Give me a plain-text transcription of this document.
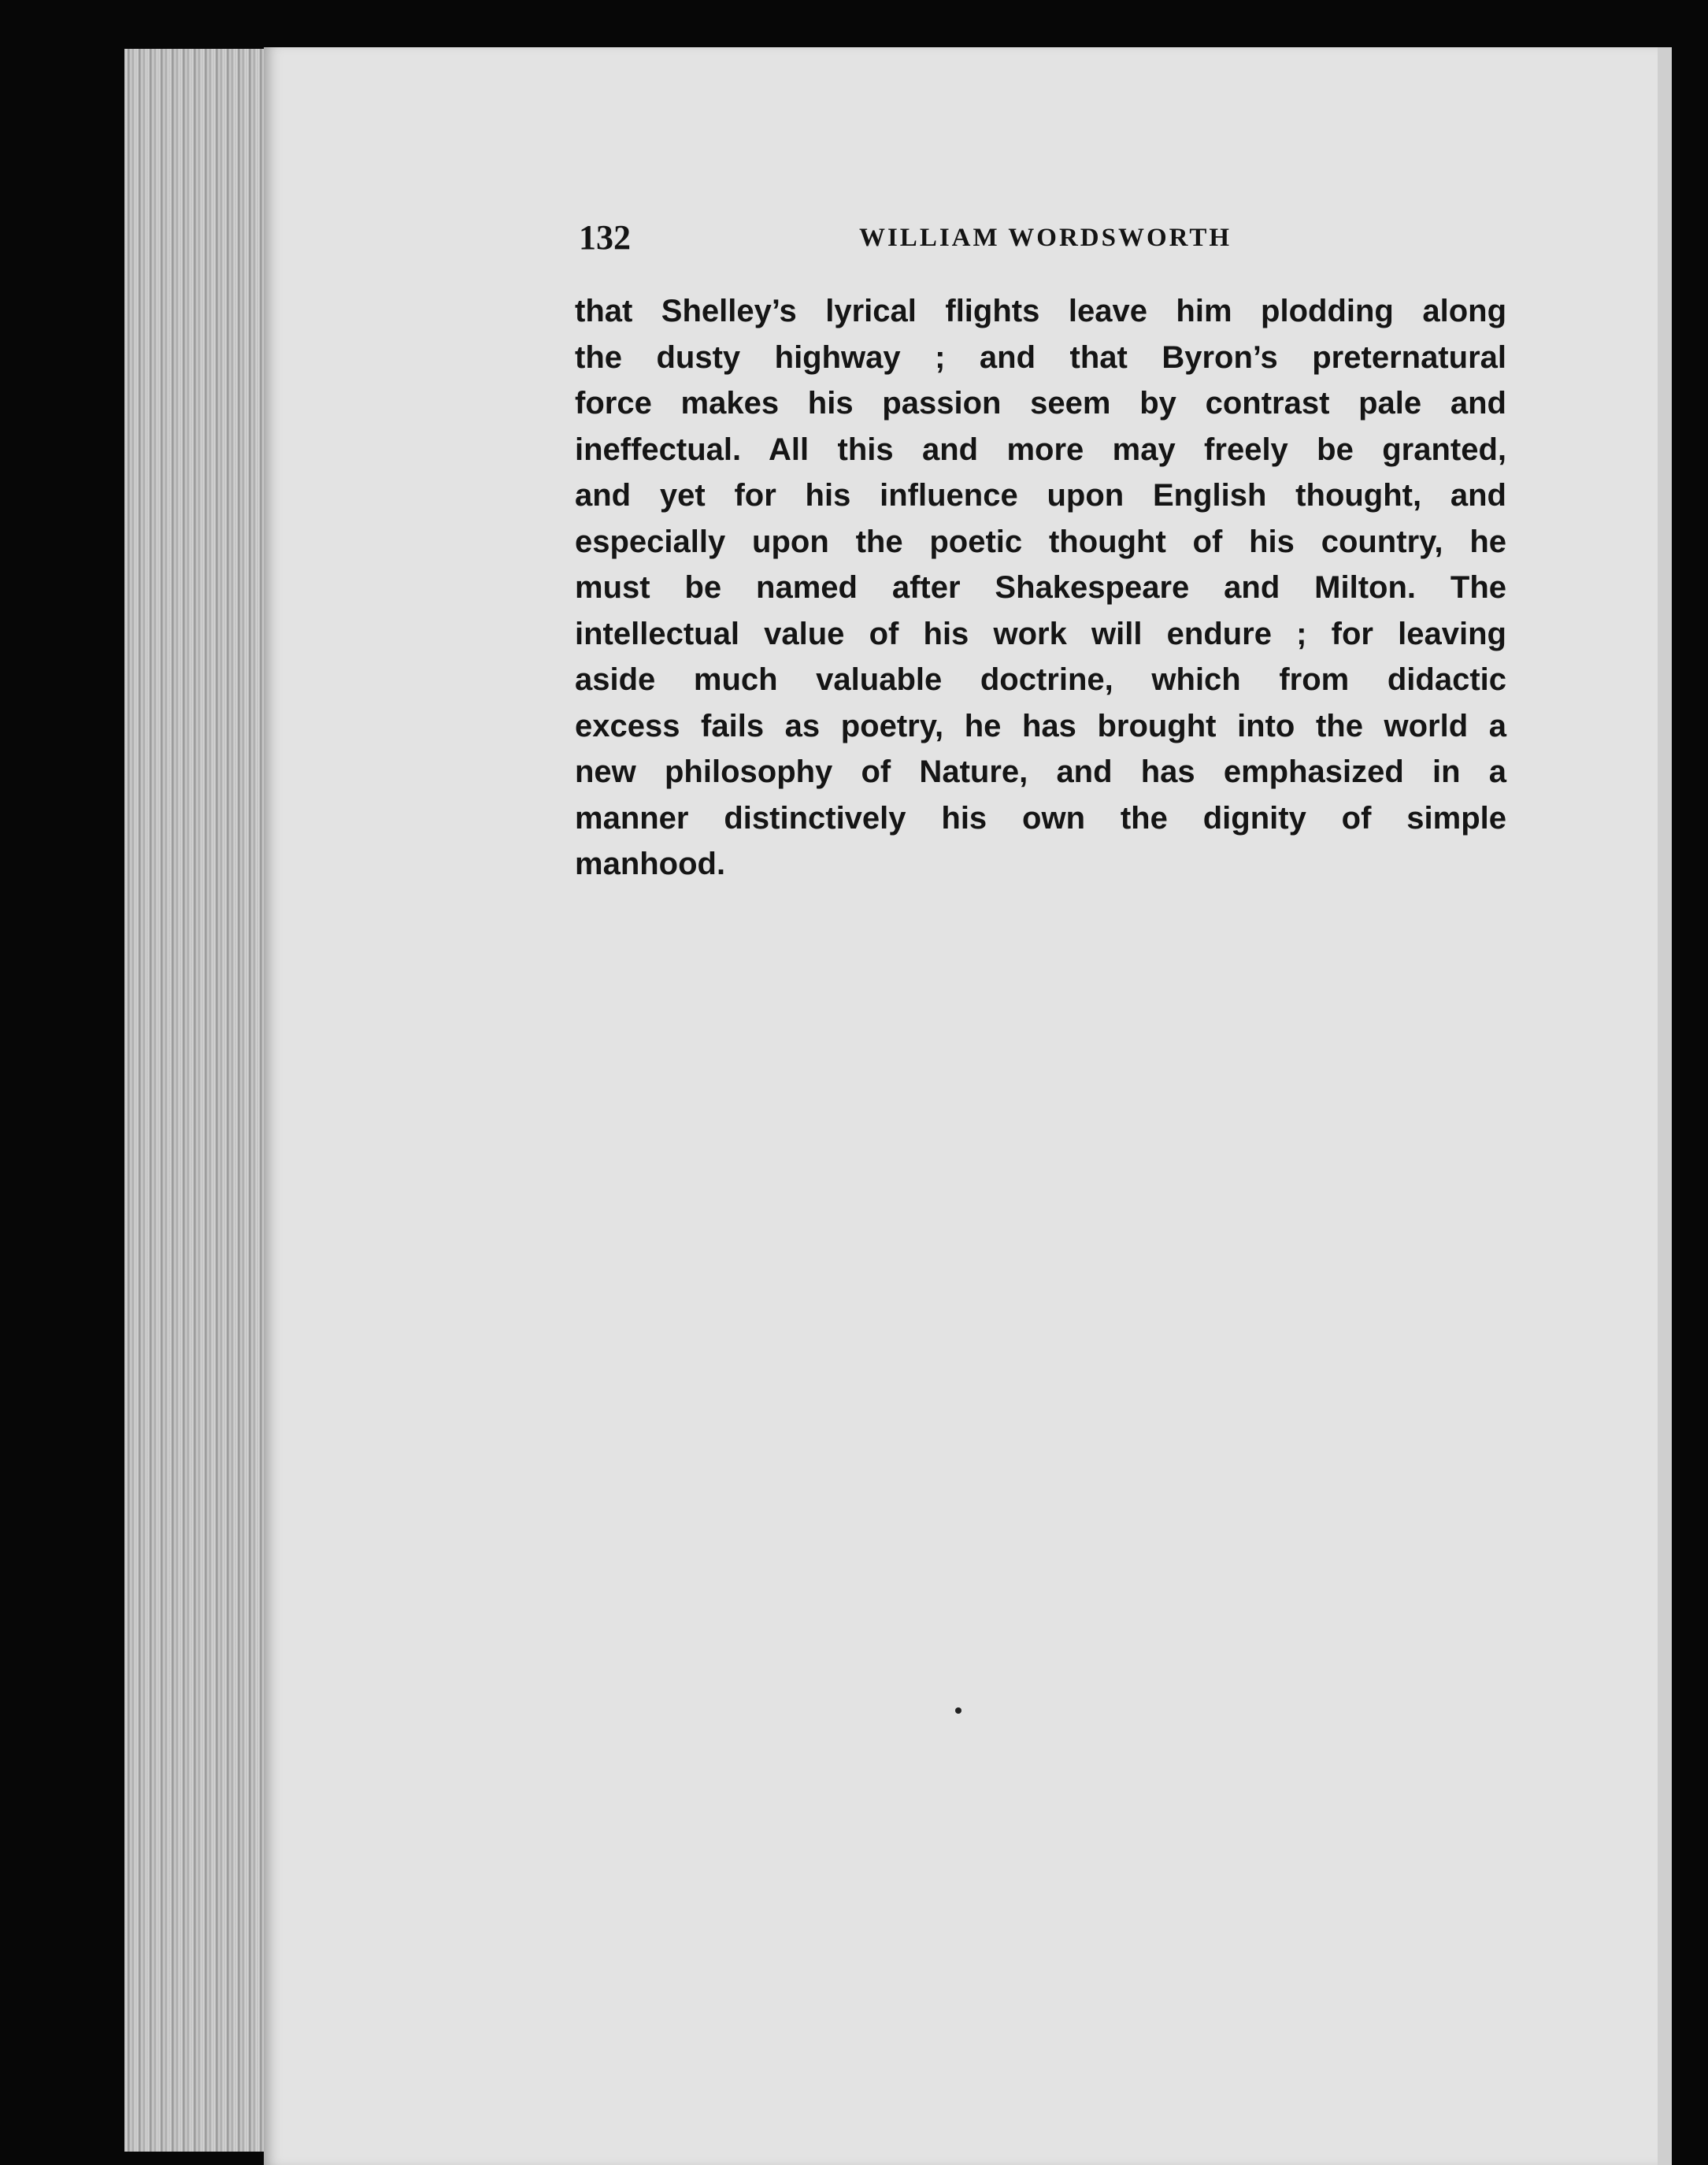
132	WILLIAM WORDSWORTH

that Shelley’s lyrical flights leave him plodding along
the dusty highway ; and that Byron’s preternatural
force makes his passion seem by contrast pale and
ineffectual. All this and more may freely be granted,
and yet for his influence upon English thought, and
especially upon the poetic thought of his country, he
must be named after Shakespeare and Milton. The
intellectual value of his work will endure ; for leaving
aside much valuable doctrine, which from didactic
excess fails as poetry, he has brought into the world a
new philosophy of Nature, and has emphasized in a
manner distinctively his own the dignity of simple
manhood.
